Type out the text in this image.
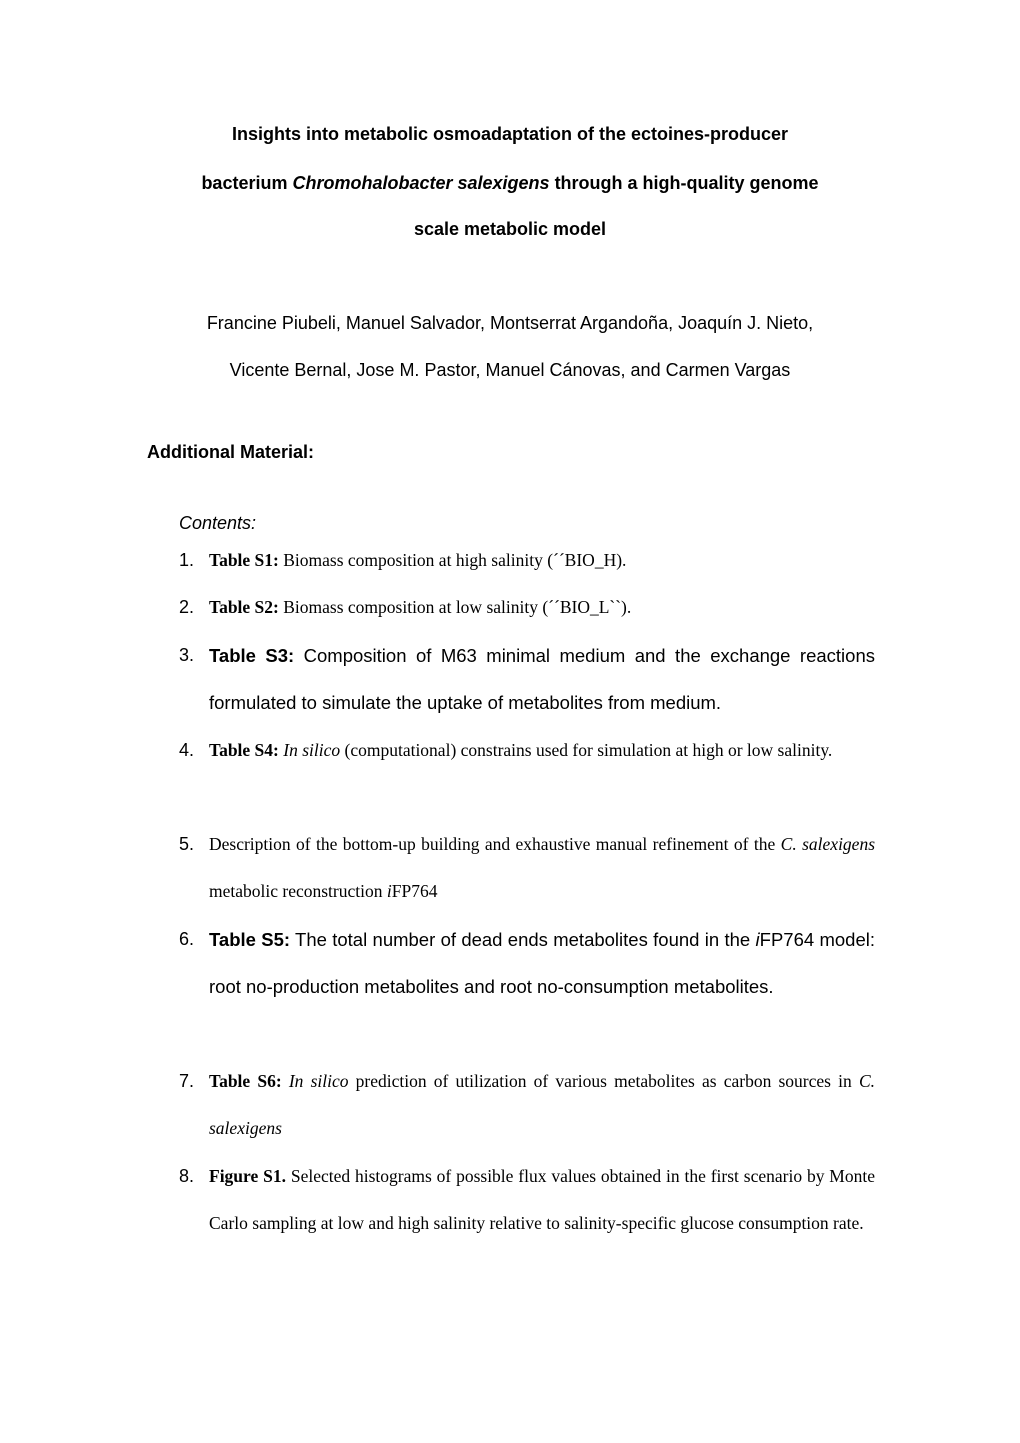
Insights into metabolic osmoadaptation of the ectoines-producer
bacterium Chromohalobacter salexigens through a high-quality genome
scale metabolic model
Francine Piubeli, Manuel Salvador, Montserrat Argandoña, Joaquín J. Nieto,
Vicente Bernal, Jose M. Pastor, Manuel Cánovas, and Carmen Vargas
Additional Material:
Contents:
1. Table S1: Biomass composition at high salinity (´´BIO_H).
2. Table S2: Biomass composition at low salinity (´´BIO_L``).
3. Table S3: Composition of M63 minimal medium and the exchange reactions formulated to simulate the uptake of metabolites from medium.
4. Table S4: In silico (computational) constrains used for simulation at high or low salinity.
5. Description of the bottom-up building and exhaustive manual refinement of the C. salexigens metabolic reconstruction iFP764
6. Table S5: The total number of dead ends metabolites found in the iFP764 model: root no-production metabolites and root no-consumption metabolites.
7. Table S6: In silico prediction of utilization of various metabolites as carbon sources in C. salexigens
8. Figure S1. Selected histograms of possible flux values obtained in the first scenario by Monte Carlo sampling at low and high salinity relative to salinity-specific glucose consumption rate.
